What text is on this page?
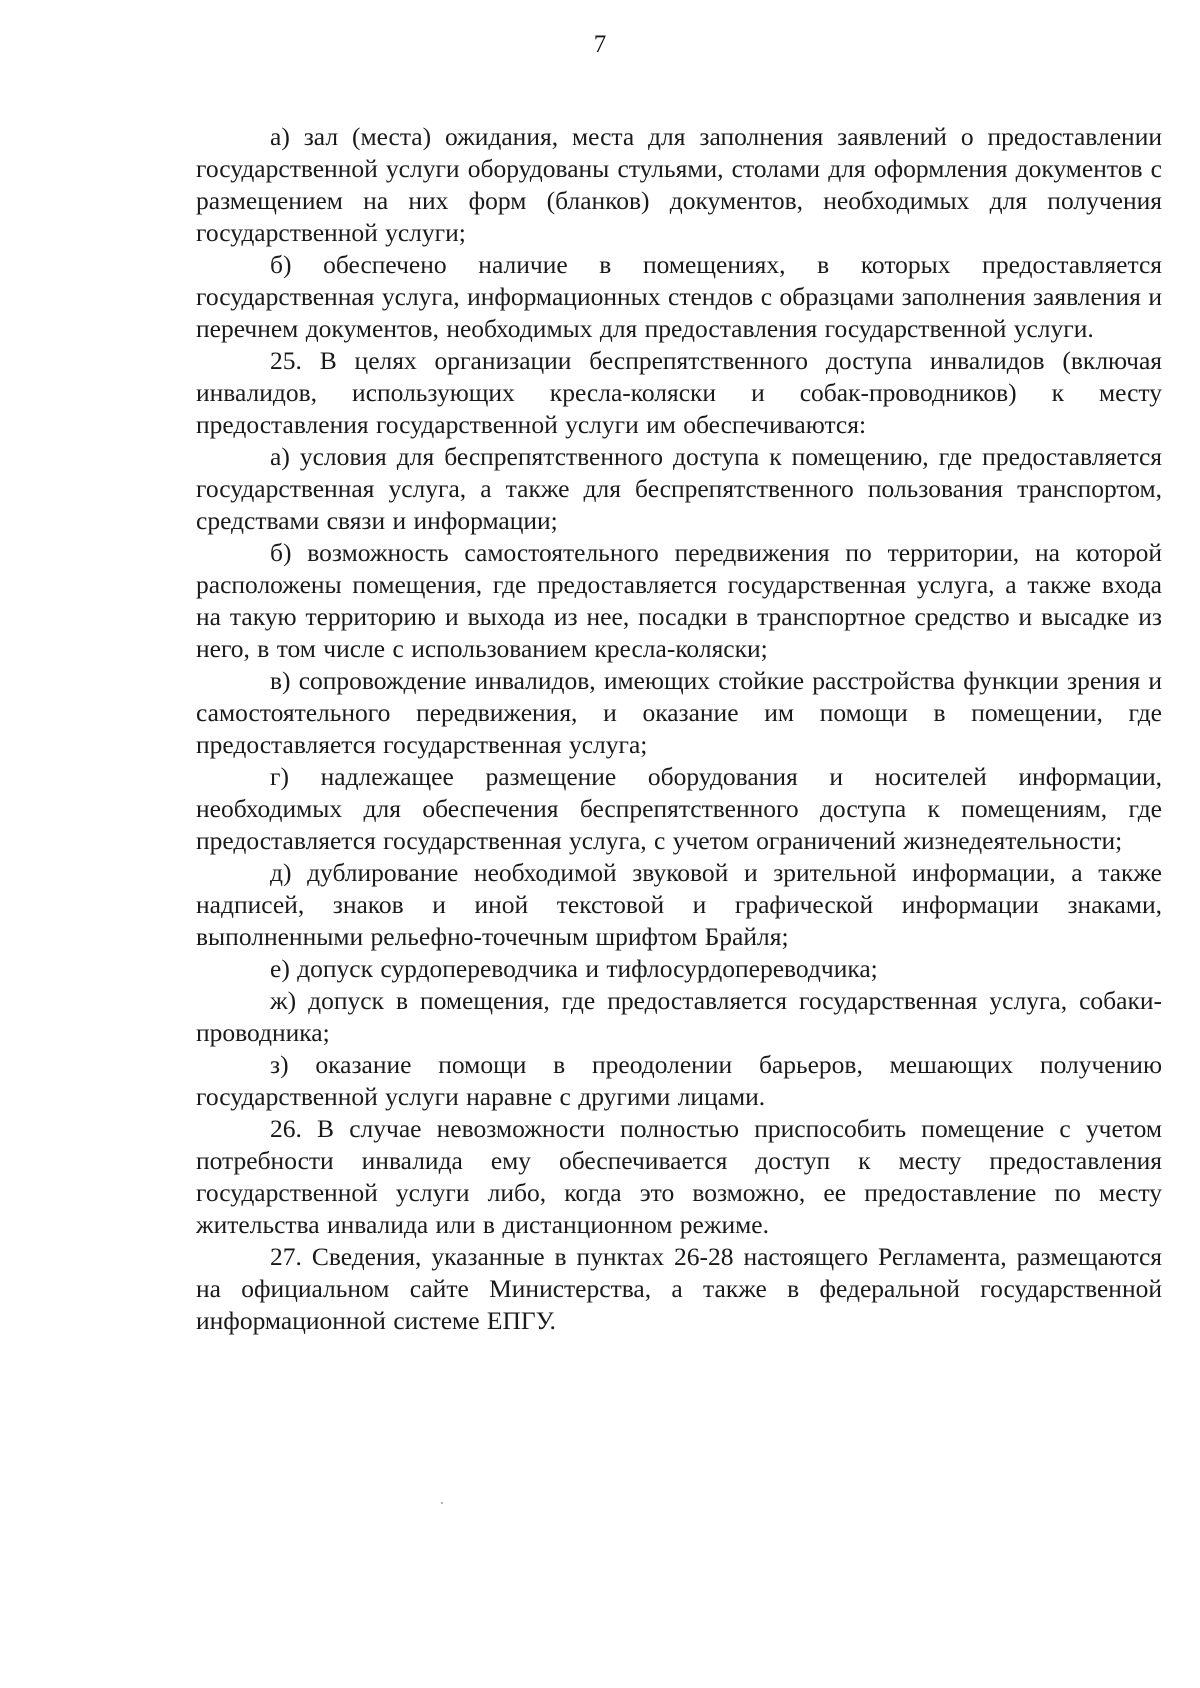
7

а) зал (места) ожидания, места для заполнения заявлений о предоставлении государственной услуги оборудованы стульями, столами для оформления документов с размещением на них форм (бланков) документов, необходимых для получения государственной услуги;

б) обеспечено наличие в помещениях, в которых предоставляется государственная услуга, информационных стендов с образцами заполнения заявления и перечнем документов, необходимых для предоставления государственной услуги.

25. В целях организации беспрепятственного доступа инвалидов (включая инвалидов, использующих кресла-коляски и собак-проводников) к месту предоставления государственной услуги им обеспечиваются:

а) условия для беспрепятственного доступа к помещению, где предоставляется государственная услуга, а также для беспрепятственного пользования транспортом, средствами связи и информации;

б) возможность самостоятельного передвижения по территории, на которой расположены помещения, где предоставляется государственная услуга, а также входа на такую территорию и выхода из нее, посадки в транспортное средство и высадке из него, в том числе с использованием кресла-коляски;

в) сопровождение инвалидов, имеющих стойкие расстройства функции зрения и самостоятельного передвижения, и оказание им помощи в помещении, где предоставляется государственная услуга;

г) надлежащее размещение оборудования и носителей информации, необходимых для обеспечения беспрепятственного доступа к помещениям, где предоставляется государственная услуга, с учетом ограничений жизнедеятельности;

д) дублирование необходимой звуковой и зрительной информации, а также надписей, знаков и иной текстовой и графической информации знаками, выполненными рельефно-точечным шрифтом Брайля;

е) допуск сурдопереводчика и тифлосурдопереводчика;

ж) допуск в помещения, где предоставляется государственная услуга, собаки-проводника;

з) оказание помощи в преодолении барьеров, мешающих получению государственной услуги наравне с другими лицами.

26. В случае невозможности полностью приспособить помещение с учетом потребности инвалида ему обеспечивается доступ к месту предоставления государственной услуги либо, когда это возможно, ее предоставление по месту жительства инвалида или в дистанционном режиме.

27. Сведения, указанные в пунктах 26-28 настоящего Регламента, размещаются на официальном сайте Министерства, а также в федеральной государственной информационной системе ЕПГУ.
